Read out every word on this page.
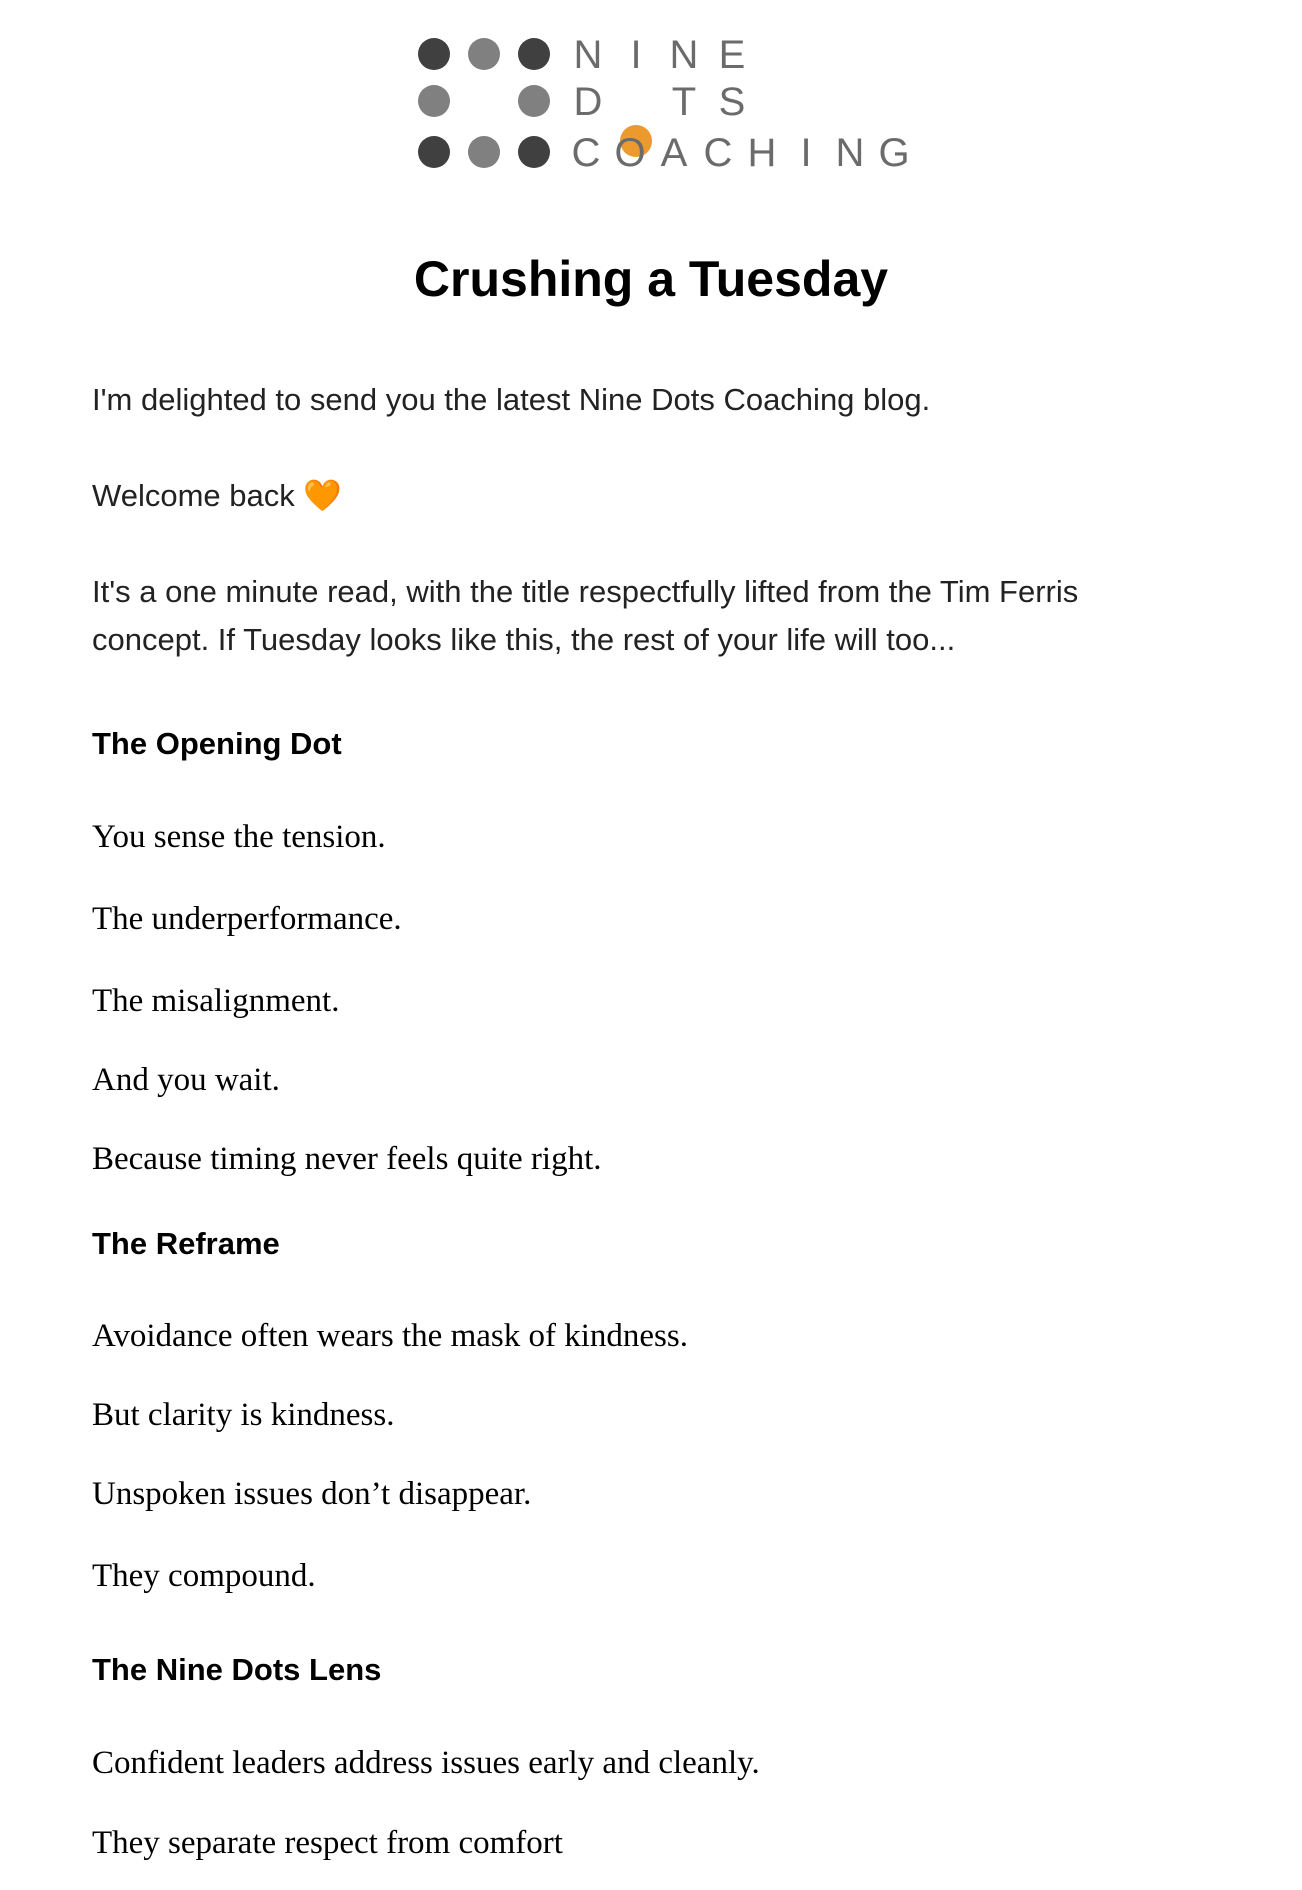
N I N E
D T S
C O A C H I N G
Crushing a Tuesday

I'm delighted to send you the latest Nine Dots Coaching blog.

Welcome back 🧡

It's a one minute read, with the title respectfully lifted from the Tim Ferris concept. If Tuesday looks like this, the rest of your life will too...

The Opening Dot

You sense the tension.

The underperformance.

The misalignment.

And you wait.

Because timing never feels quite right.

The Reframe

Avoidance often wears the mask of kindness.

But clarity is kindness.

Unspoken issues don’t disappear.

They compound.

The Nine Dots Lens

Confident leaders address issues early and cleanly.

They separate respect from comfort
